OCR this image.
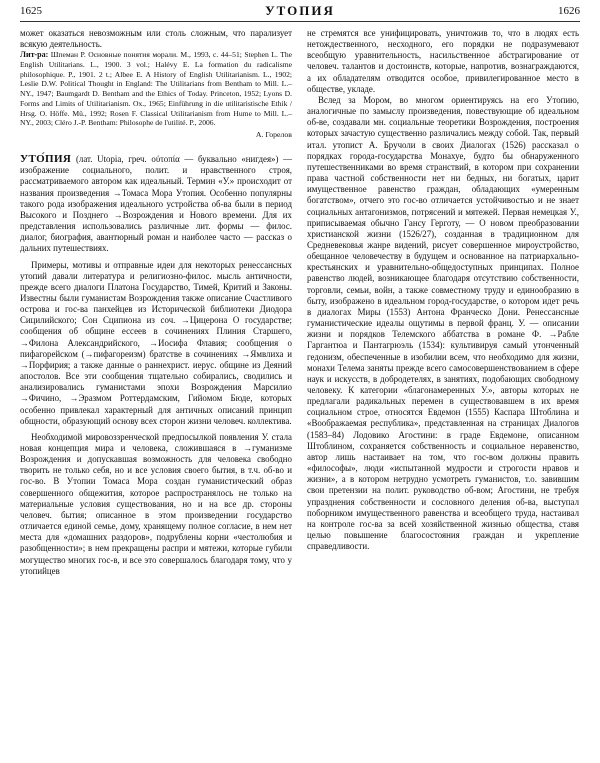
1625	УТОПИЯ	1626

может оказаться невозможным или столь сложным, что парализует всякую деятельность.

Лит-ра: Шпеман Р. Основные понятия морали. М., 1993, с. 44–51; Stephen L. The English Utilitarians. L., 1900. 3 vol.; Halévy E. La formation du radicalisme philosophique. P., 1901. 2 t.; Albee E. A History of English Utilitarianism. L., 1902; Leslie D.W. Political Thought in England: The Utilitarians from Bentham to Mill. L.–NY., 1947; Baumgardt D. Bentham and the Ethics of Today. Princeton, 1952; Lyons D. Forms and Limits of Utilitarianism. Ox., 1965; Einführung in die utilitaristische Ethik / Hrsg. O. Höffe. Mü., 1992; Rosen F. Classical Utilitarianism from Hume to Mill. L.–NY., 2003; Cléro J.-P. Bentham: Philosophe de l'utilité. P., 2006.

А. Горелов

УТО́ПИЯ (лат. Utopia, греч. οὐτοπία — буквально «нигдея») — изображение социального, полит. и нравственного строя, рассматриваемого автором как идеальный. Термин «У.» происходит от названия произведения →Томаса Мора Утопия. Особенно популярны такого рода изображения идеального устройства об-ва были в период Высокого и Позднего →Возрождения и Нового времени. Для их представления использовались различные лит. формы — филос. диалог, биография, авантюрный роман и наиболее часто — рассказ о дальних путешествиях.

Примеры, мотивы и отправные идеи для некоторых ренессансных утопий давали литература и религиозно-филос. мысль античности, прежде всего диалоги Платона Государство, Тимей, Критий и Законы. Известны были гуманистам Возрождения также описание Счастливого острова и гос-ва панхейцев из Исторической библиотеки Диодора Сицилийского; Сон Сципиона из соч. →Цицерона О государстве; сообщения об общине ессеев в сочинениях Плиния Старшего, →Филона Александрийского, →Иосифа Флавия; сообщения о пифагорейском (→пифагореизм) братстве в сочинениях →Ямвлиха и →Порфирия; а также данные о раннехрист. иерус. общине из Деяний апостолов. Все эти сообщения тщательно собирались, сводились и анализировались гуманистами эпохи Возрождения Марсилио →Фичино, →Эразмом Роттердамским, Гийомом Бюде, которых особенно привлекал характерный для античных описаний принцип общности, образующий основу всех сторон жизни человеч. коллектива.

Необходимой мировоззренческой предпосылкой появления У. стала новая концепция мира и человека, сложившаяся в →гуманизме Возрождения и допускавшая возможность для человека свободно творить не только себя, но и все условия своего бытия, в т.ч. об-во и гос-во. В Утопии Томаса Мора создан гуманистический образ совершенного общежития, которое распространялось не только на материальные условия существования, но и на все др. стороны человеч. бытия; описанное в этом произведении государство отличается единой семье, дому, хранящему полное согласие, в нем нет места для «домашних раздоров», подрублены корни «честолюбия и разобщенности»; в нем прекращены распри и мятежи, которые губили могущество многих гос-в, и все это совершалось благодаря тому, что у утопийцев

не стремятся все унифицировать, уничтожив то, что в людях есть нетождественного, несходного, его порядки не подразумевают всеобщую уравнительность, насильственное абстрагирование от человеч. талантов и достоинств, которые, напротив, вознаграждаются, а их обладателям отводится особое, привилегированное место в обществе, укладе.

Вслед за Мором, во многом ориентируясь на его Утопию, аналогичные по замыслу произведения, повествующие об идеальном об-ве, создавали мн. социальные теоретики Возрождения, построения которых зачастую существенно различались между собой. Так, первый итал. утопист А. Бручоли в своих Диалогах (1526) рассказал о порядках города-государства Монахуе, будто бы обнаруженного путешественниками во время странствий, в котором при сохранении права частной собственности нет ни бедных, ни богатых, царит имущественное равенство граждан, обладающих «умеренным богатством», отчего это гос-во отличается устойчивостью и не знает социальных антагонизмов, потрясений и мятежей. Первая немецкая У., приписываемая обычно Гансу Герготу, — О новом преобразовании христианской жизни (1526/27), созданная в традиционном для Средневековья жанре видений, рисует совершенное мироустройство, обещанное человечеству в будущем и основанное на патриархально-крестьянских и уравнительно-общедоступных принципах. Полное равенство людей, возникающее благодаря отсутствию собственности, торговли, семьи, войн, а также совместному труду и единообразию в быту, изображено в идеальном город-государстве, о котором идет речь в диалогах Миры (1553) Антона Франческо Дони. Ренессансные гуманистические идеалы ощутимы в первой франц. У. — описании жизни и порядков Телемского аббатства в романе Ф. →Рабле Гаргантюа и Пантагрюэль (1534): культивируя самый утонченный гедонизм, обеспеченные в изобилии всем, что необходимо для жизни, монахи Телема заняты прежде всего самосовершенствованием в сфере наук и искусств, в добродетелях, в занятиях, подобающих свободному человеку. К категории «благонамеренных У.», авторы которых не предлагали радикальных перемен в существовавшем в их время социальном строе, относятся Евдемон (1555) Каспара Штоблина и «Воображаемая республика», представленная на страницах Диалогов (1583–84) Лодовико Агостини: в граде Евдемоне, описанном Штоблином, сохраняется собственность и социальное неравенство, автор лишь настаивает на том, что гос-вом должны править «философы», люди «испытанной мудрости и строгости нравов и жизни», а в котором нетрудно усмотреть гуманистов, т.о. завившим свои претензии на полит. руководство об-вом; Агостини, не требуя упразднения собственности и сословного деления об-ва, выступал поборником имущественного равенства и всеобщего труда, настаивал на контроле гос-ва за всей хозяйственной жизнью общества, ставя целью повышение благосостояния граждан и укрепление справедливости.
